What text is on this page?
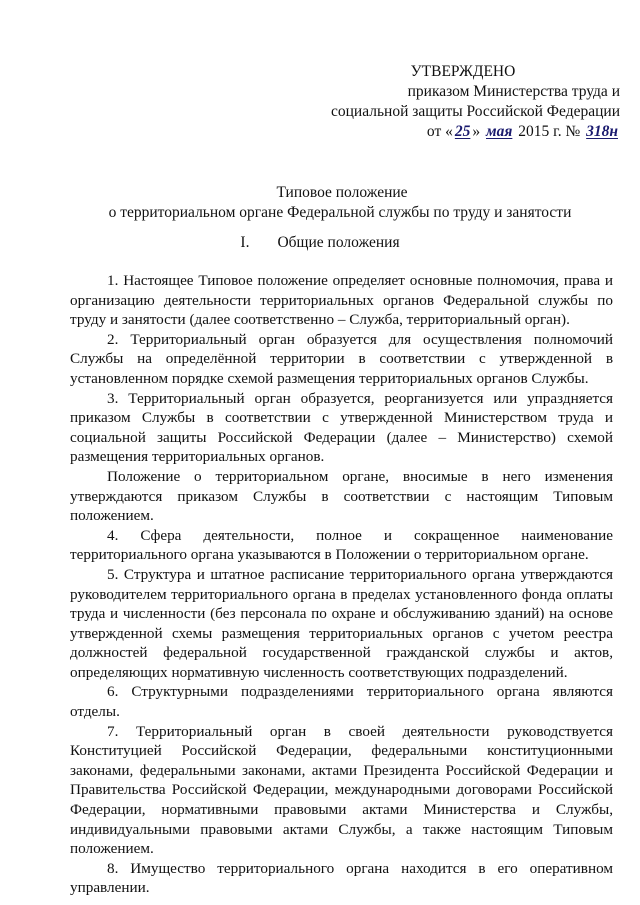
УТВЕРЖДЕНО
приказом Министерства труда и
социальной защиты Российской Федерации
от « 25 » мая 2015 г. № 318н
Типовое положение
о территориальном органе Федеральной службы по труду и занятости
I. Общие положения

1. Настоящее Типовое положение определяет основные полномочия, права и организацию деятельности территориальных органов Федеральной службы по труду и занятости (далее соответственно – Служба, территориальный орган).

2. Территориальный орган образуется для осуществления полномочий Службы на определённой территории в соответствии с утвержденной в установленном порядке схемой размещения территориальных органов Службы.

3. Территориальный орган образуется, реорганизуется или упраздняется приказом Службы в соответствии с утвержденной Министерством труда и социальной защиты Российской Федерации (далее – Министерство) схемой размещения территориальных органов.

Положение о территориальном органе, вносимые в него изменения утверждаются приказом Службы в соответствии с настоящим Типовым положением.

4. Сфера деятельности, полное и сокращенное наименование территориального органа указываются в Положении о территориальном органе.

5. Структура и штатное расписание территориального органа утверждаются руководителем территориального органа в пределах установленного фонда оплаты труда и численности (без персонала по охране и обслуживанию зданий) на основе утвержденной схемы размещения территориальных органов с учетом реестра должностей федеральной государственной гражданской службы и актов, определяющих нормативную численность соответствующих подразделений.

6. Структурными подразделениями территориального органа являются отделы.

7. Территориальный орган в своей деятельности руководствуется Конституцией Российской Федерации, федеральными конституционными законами, федеральными законами, актами Президента Российской Федерации и Правительства Российской Федерации, международными договорами Российской Федерации, нормативными правовыми актами Министерства и Службы, индивидуальными правовыми актами Службы, а также настоящим Типовым положением.

8. Имущество территориального органа находится в его оперативном управлении.
